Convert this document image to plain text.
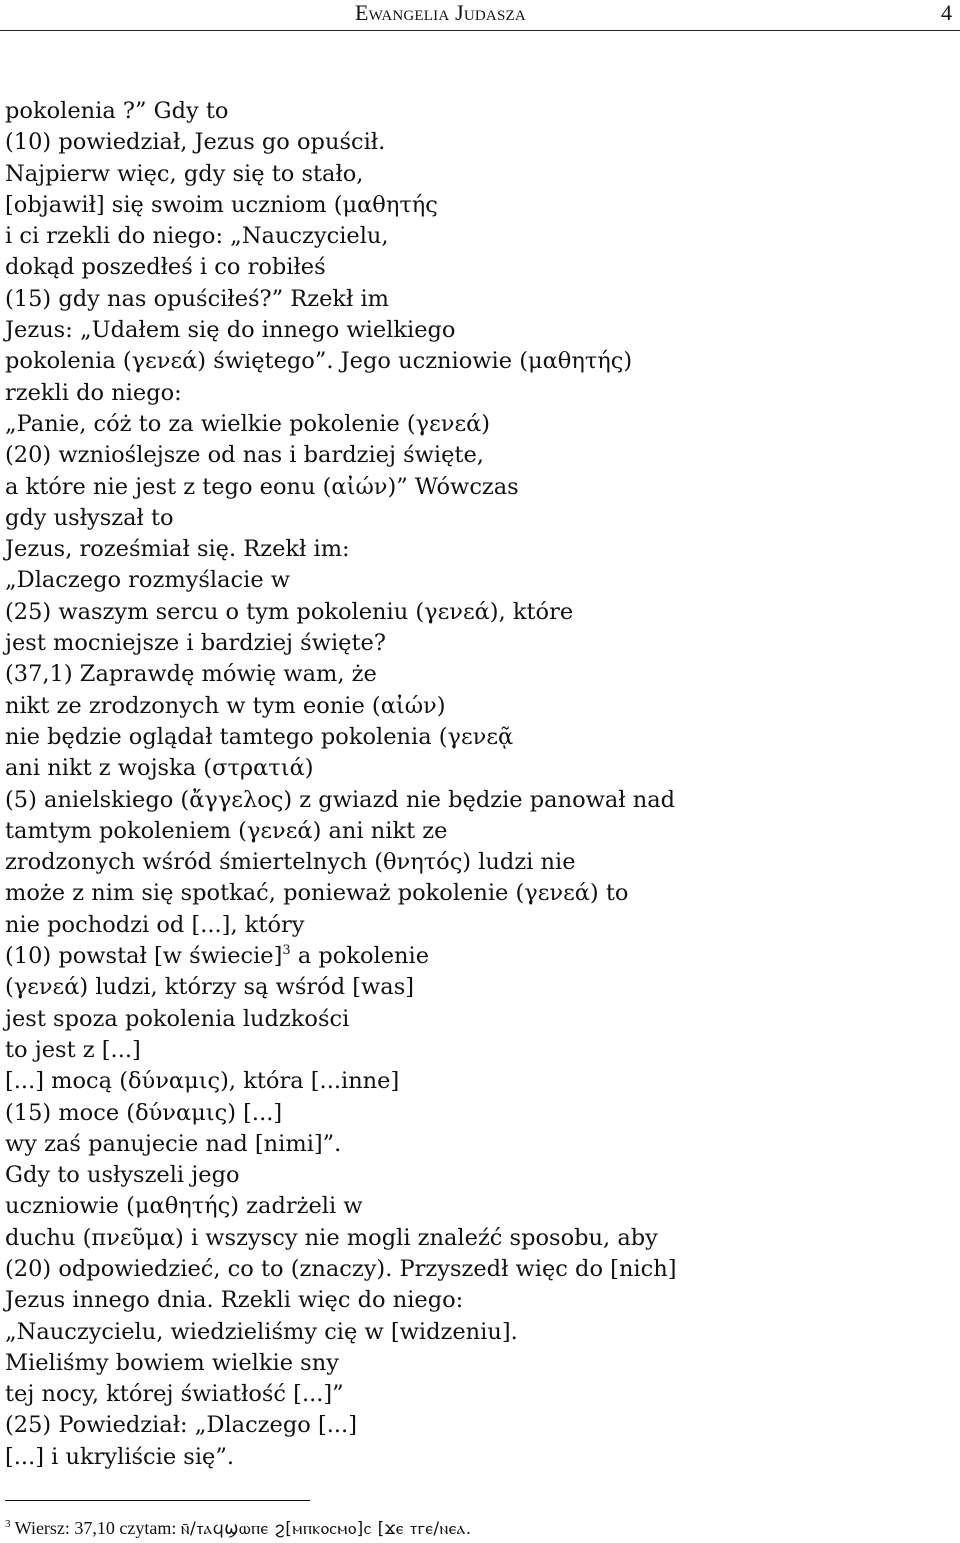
Ewangelia Judasza	4
pokolenia ?” Gdy to
(10) powiedział, Jezus go opuścił.
Najpierw więc, gdy się to stało,
[objawił] się swoim uczniom (μαθητής
i ci rzekli do niego: „Nauczycielu,
dokąd poszedłeś i co robiłeś
(15) gdy nas opuściłeś?” Rzekł im
Jezus: „Udałem się do innego wielkiego
pokolenia (γενεά) świętego”. Jego uczniowie (μαθητής)
rzekli do niego:
„Panie, cóż to za wielkie pokolenie (γενεά)
(20) wznioślejsze od nas i bardziej święte,
a które nie jest z tego eonu (αἰών)” Wówczas
gdy usłyszał to
Jezus, roześmiał się. Rzekł im:
„Dlaczego rozmyślacie w
(25) waszym sercu o tym pokoleniu (γενεά), które
jest mocniejsze i bardziej święte?
(37,1) Zaprawdę mówię wam, że
nikt ze zrodzonych w tym eonie (αἰών)
nie będzie oglądał tamtego pokolenia (γενεᾷ
ani nikt z wojska (στρατιά)
(5) anielskiego (ἄγγελος) z gwiazd nie będzie panował nad
tamtym pokoleniem (γενεά) ani nikt ze
zrodzonych wśród śmiertelnych (θνητός) ludzi nie
może z nim się spotkać, ponieważ pokolenie (γενεά) to
nie pochodzi od [...], który
(10) powstał [w świecie]$^3$ a pokolenie
(γενεά) ludzi, którzy są wśród [was]
jest spoza pokolenia ludzkości
to jest z [...]
[...] mocą (δύναμις), która [...inne]
(15) moce (δύναμις) [...]
wy zaś panujecie nad [nimi]”.
Gdy to usłyszeli jego
uczniowie (μαθητής) zadrżeli w
duchu (πνεῦμα) i wszyscy nie mogli znaleźć sposobu, aby
(20) odpowiedzieć, co to (znaczy). Przyszedł więc do [nich]
Jezus innego dnia. Rzekli więc do niego:
„Nauczycielu, wiedzieliśmy cię w [widzeniu].
Mieliśmy bowiem wielkie sny
tej nocy, której światłość [...]”
(25) Powiedział: „Dlaczego [...]
[...] i ukryliście się”.
$^3$ Wiersz: 37,10 czytam: ⲛ̄/ⲧⲁϥϣⲱⲡⲉ ϩ[ⲙⲡⲕⲟⲥⲙⲟ]ⲥ [ϫⲉ ⲧⲅⲉ/ⲛⲉⲁ.
